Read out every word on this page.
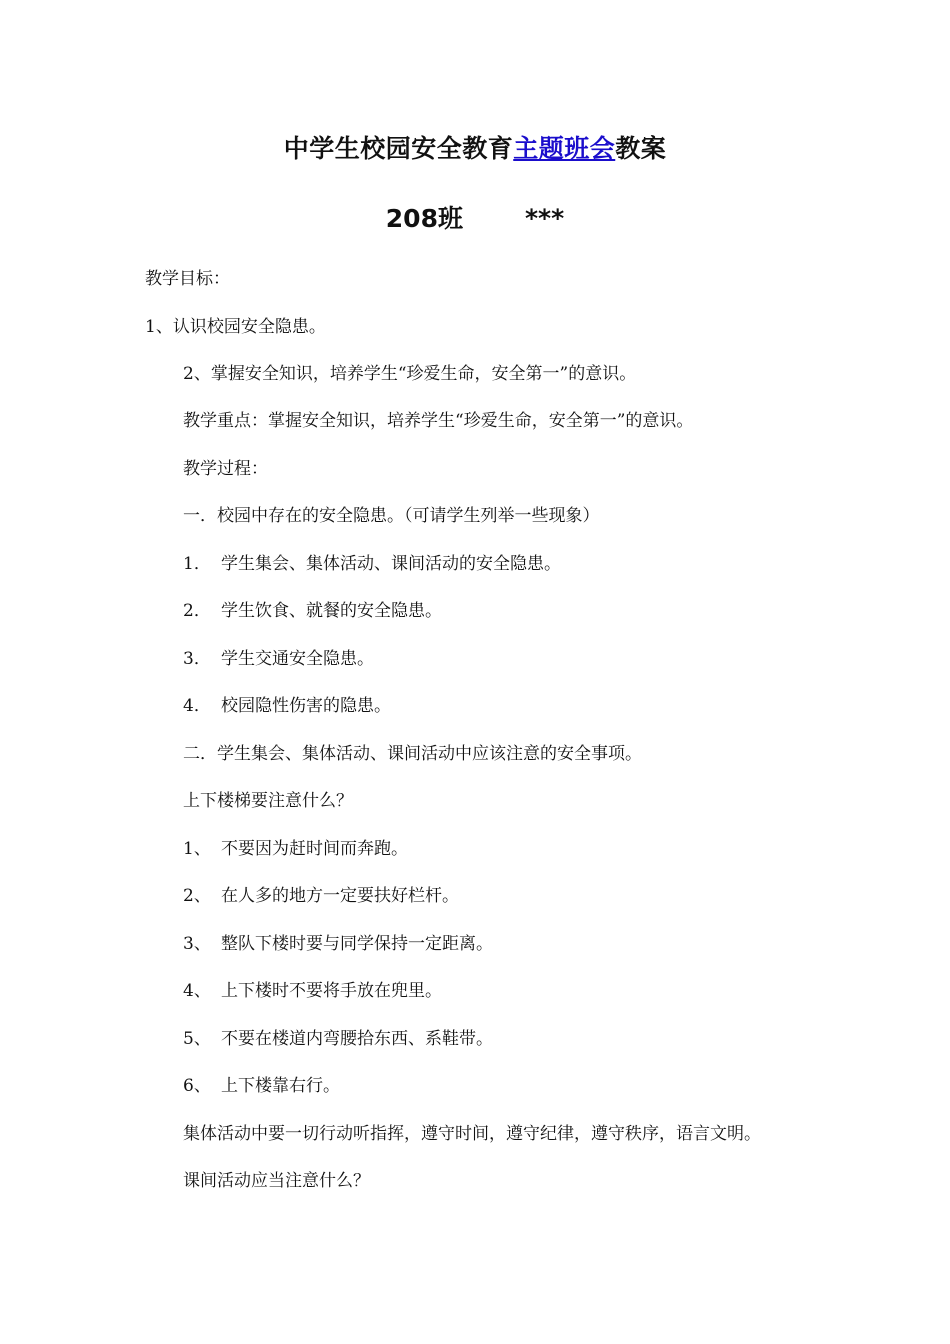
中学生校园安全教育主题班会教案
208班 ***
教学目标：
1、认识校园安全隐患。
2、掌握安全知识，培养学生“珍爱生命，安全第一”的意识。
教学重点：掌握安全知识，培养学生“珍爱生命，安全第一”的意识。
教学过程：
一．校园中存在的安全隐患。（可请学生列举一些现象）
1． 学生集会、集体活动、课间活动的安全隐患。
2． 学生饮食、就餐的安全隐患。
3． 学生交通安全隐患。
4． 校园隐性伤害的隐患。
二．学生集会、集体活动、课间活动中应该注意的安全事项。
上下楼梯要注意什么？
1、 不要因为赶时间而奔跑。
2、 在人多的地方一定要扶好栏杆。
3、 整队下楼时要与同学保持一定距离。
4、 上下楼时不要将手放在兜里。
5、 不要在楼道内弯腰拾东西、系鞋带。
6、 上下楼靠右行。
集体活动中要一切行动听指挥，遵守时间，遵守纪律，遵守秩序，语言文明。
课间活动应当注意什么？
